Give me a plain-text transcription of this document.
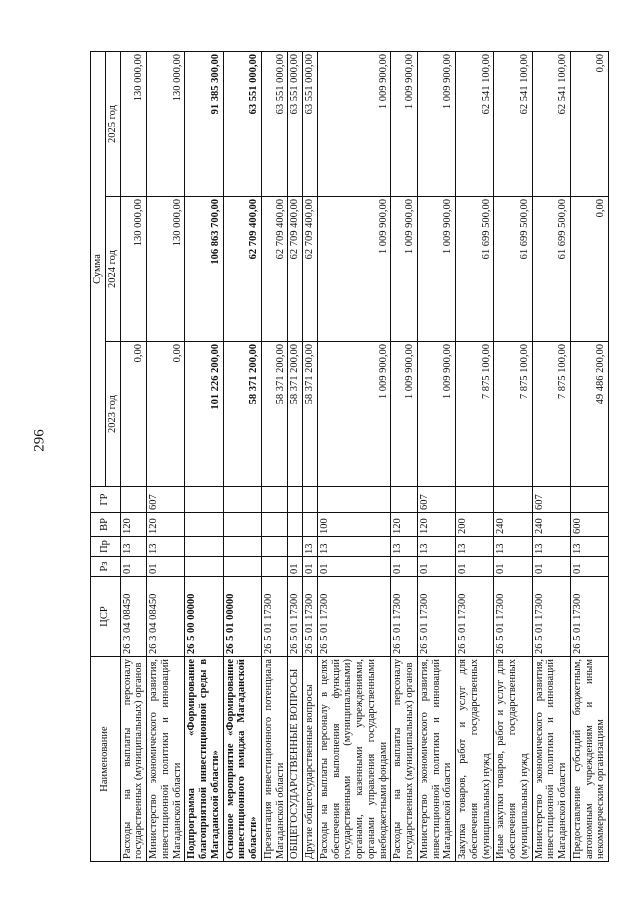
296
Наименование	ЦСР	Рз	Пр	ВР	ГР	Сумма		
						2023 год	2024 год	2025 год
Расходы на выплаты персоналу государственных (муниципальных) органов	26 3 04 08450	01	13	120		0,00	130 000,00	130 000,00
Министерство экономического развития, инвестиционной политики и инноваций Магаданской области	26 3 04 08450	01	13	120	607	0,00	130 000,00	130 000,00
Подпрограмма «Формирование благоприятной инвестиционной среды в Магаданской области»	26 5 00 00000					101 226 200,00	106 863 700,00	91 385 300,00
Основное мероприятие «Формирование инвестиционного имиджа Магаданской области»	26 5 01 00000					58 371 200,00	62 709 400,00	63 551 000,00
Презентация инвестиционного потенциала Магаданской области	26 5 01 17300					58 371 200,00	62 709 400,00	63 551 000,00
ОБЩЕГОСУДАРСТВЕННЫЕ ВОПРОСЫ	26 5 01 17300	01				58 371 200,00	62 709 400,00	63 551 000,00
Другие общегосударственные вопросы	26 5 01 17300	01	13			58 371 200,00	62 709 400,00	63 551 000,00
Расходы на выплаты персоналу в целях обеспечения выполнения функций государственными (муниципальными) органами, казенными учреждениями, органами управления государственными внебюджетными фондами	26 5 01 17300	01	13	100		1 009 900,00	1 009 900,00	1 009 900,00
Расходы на выплаты персоналу государственных (муниципальных) органов	26 5 01 17300	01	13	120		1 009 900,00	1 009 900,00	1 009 900,00
Министерство экономического развития, инвестиционной политики и инноваций Магаданской области	26 5 01 17300	01	13	120	607	1 009 900,00	1 009 900,00	1 009 900,00
Закупка товаров, работ и услуг для обеспечения государственных (муниципальных) нужд	26 5 01 17300	01	13	200		7 875 100,00	61 699 500,00	62 541 100,00
Иные закупки товаров, работ и услуг для обеспечения государственных (муниципальных) нужд	26 5 01 17300	01	13	240		7 875 100,00	61 699 500,00	62 541 100,00
Министерство экономического развития, инвестиционной политики и инноваций Магаданской области	26 5 01 17300	01	13	240	607	7 875 100,00	61 699 500,00	62 541 100,00
Предоставление субсидий бюджетным, автономным учреждениям и иным некоммерческим организациям	26 5 01 17300	01	13	600		49 486 200,00	0,00	0,00
